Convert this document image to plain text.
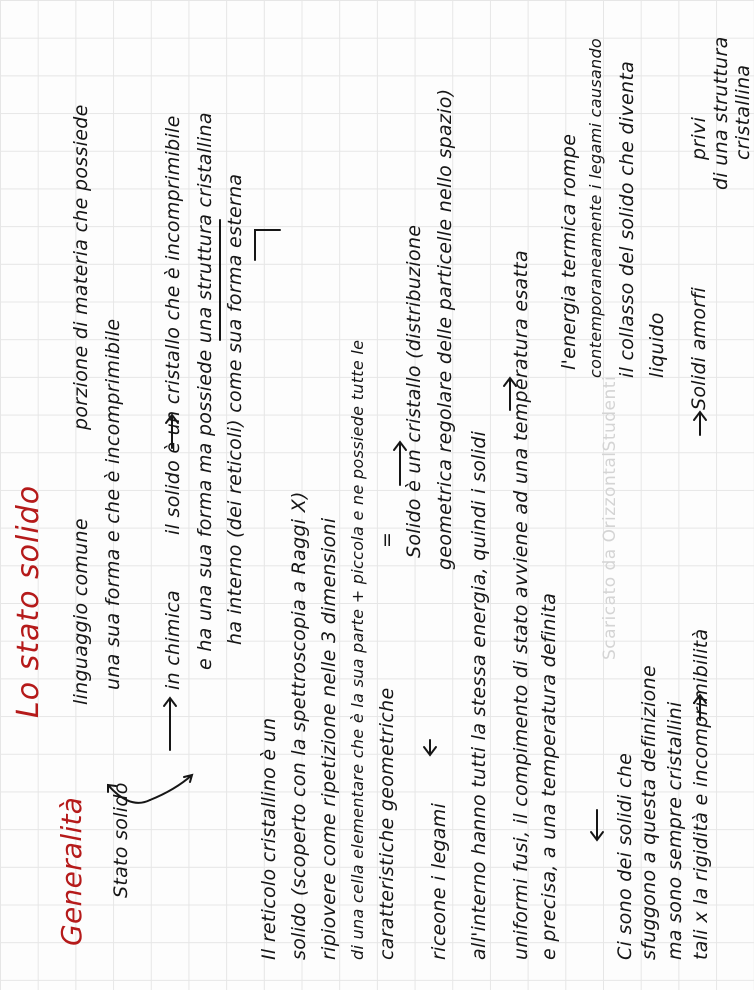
Lo stato solido
Generalità Stato solido
linguaggio comune
porzione di materia che possiede
una sua forma e che è incomprimibile in chimica
il solido è un cristallo che è incomprimibile e ha una sua forma ma possiede una struttura cristallina ha interno (dei reticoli) come sua forma esterna
Il reticolo cristallino è un solido (scoperto con la spettroscopia a Raggi X) ripiovere come ripetizione nelle 3 dimensioni di una cella elementare che è la sua parte + piccola e ne possiede tutte le caratteristiche geometriche
= Solido è un cristallo (distribuzione geometrica regolare delle particelle nello spazio)
riceone i legami all'interno hanno tutti la stessa energia, quindi i solidi uniformi fusi, il compimento di stato avviene ad una temperatura esatta e precisa, a una temperatura definita
l'energia termica rompe contemporaneamente i legami causando il collasso del solido che diventa liquido
Ci sono dei solidi che sfuggono a questa definizione ma sono sempre cristallini tali x la rigidità e incomprimibilità
Solidi amorfi
privi di una struttura cristallina
Scaricato da OrizzontalStudenti
